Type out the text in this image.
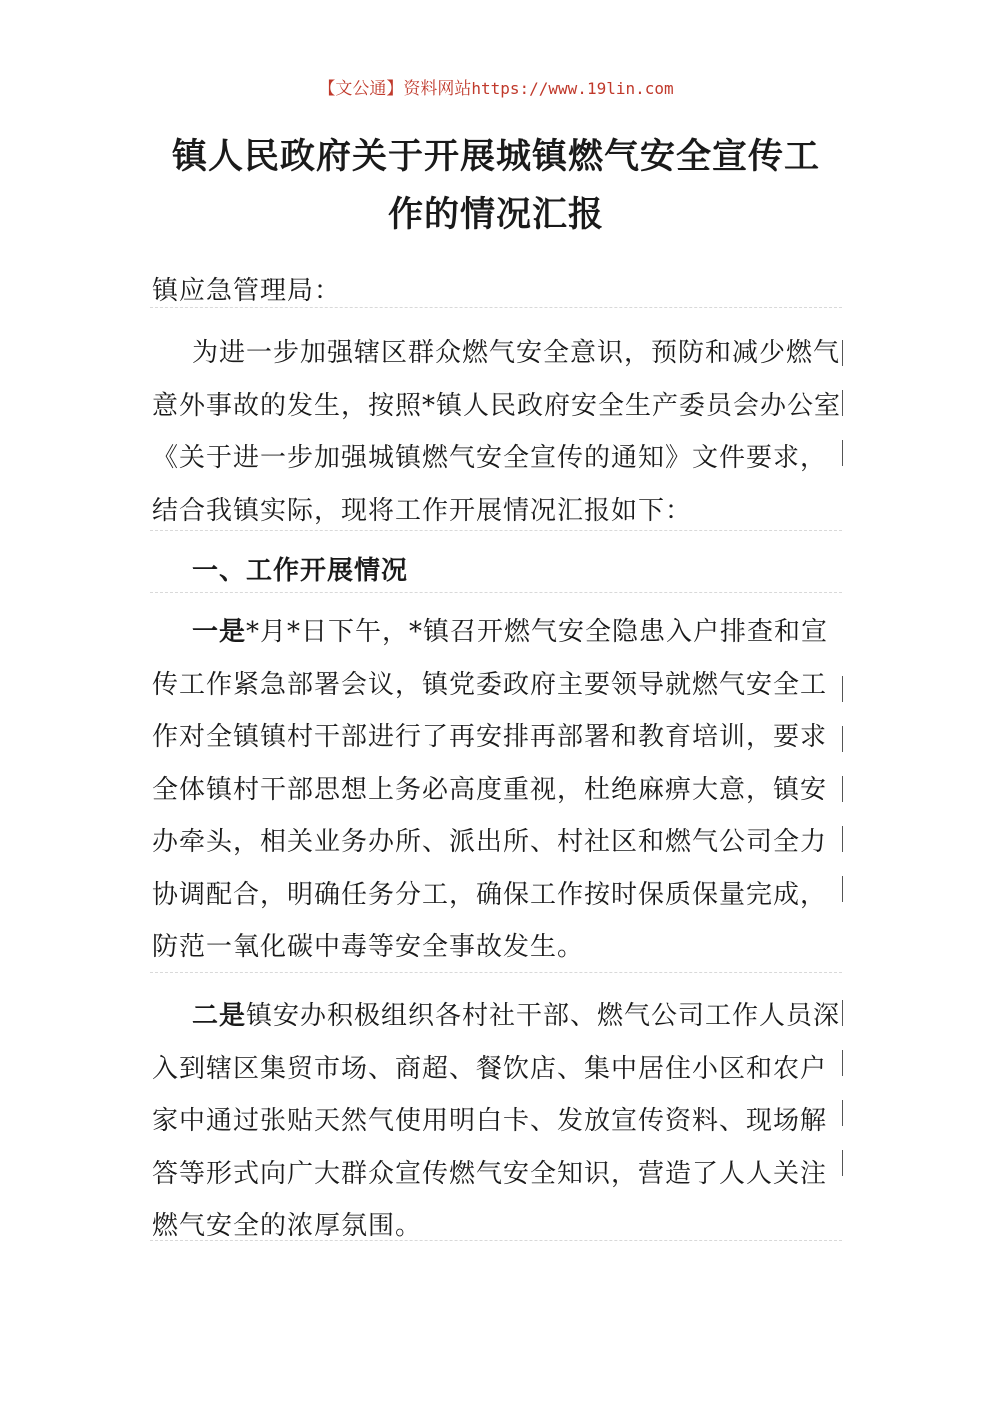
【文公通】资料网站https://www.19lin.com
镇人民政府关于开展城镇燃气安全宣传工
作的情况汇报
镇应急管理局：
为进一步加强辖区群众燃气安全意识，预防和减少燃气意外事故的发生，按照*镇人民政府安全生产委员会办公室《关于进一步加强城镇燃气安全宣传的通知》文件要求，结合我镇实际，现将工作开展情况汇报如下：
一、工作开展情况
一是*月*日下午，*镇召开燃气安全隐患入户排查和宣传工作紧急部署会议，镇党委政府主要领导就燃气安全工作对全镇镇村干部进行了再安排再部署和教育培训，要求全体镇村干部思想上务必高度重视，杜绝麻痹大意，镇安办牵头，相关业务办所、派出所、村社区和燃气公司全力协调配合，明确任务分工，确保工作按时保质保量完成，防范一氧化碳中毒等安全事故发生。
二是镇安办积极组织各村社干部、燃气公司工作人员深入到辖区集贸市场、商超、餐饮店、集中居住小区和农户家中通过张贴天然气使用明白卡、发放宣传资料、现场解答等形式向广大群众宣传燃气安全知识，营造了人人关注燃气安全的浓厚氛围。
